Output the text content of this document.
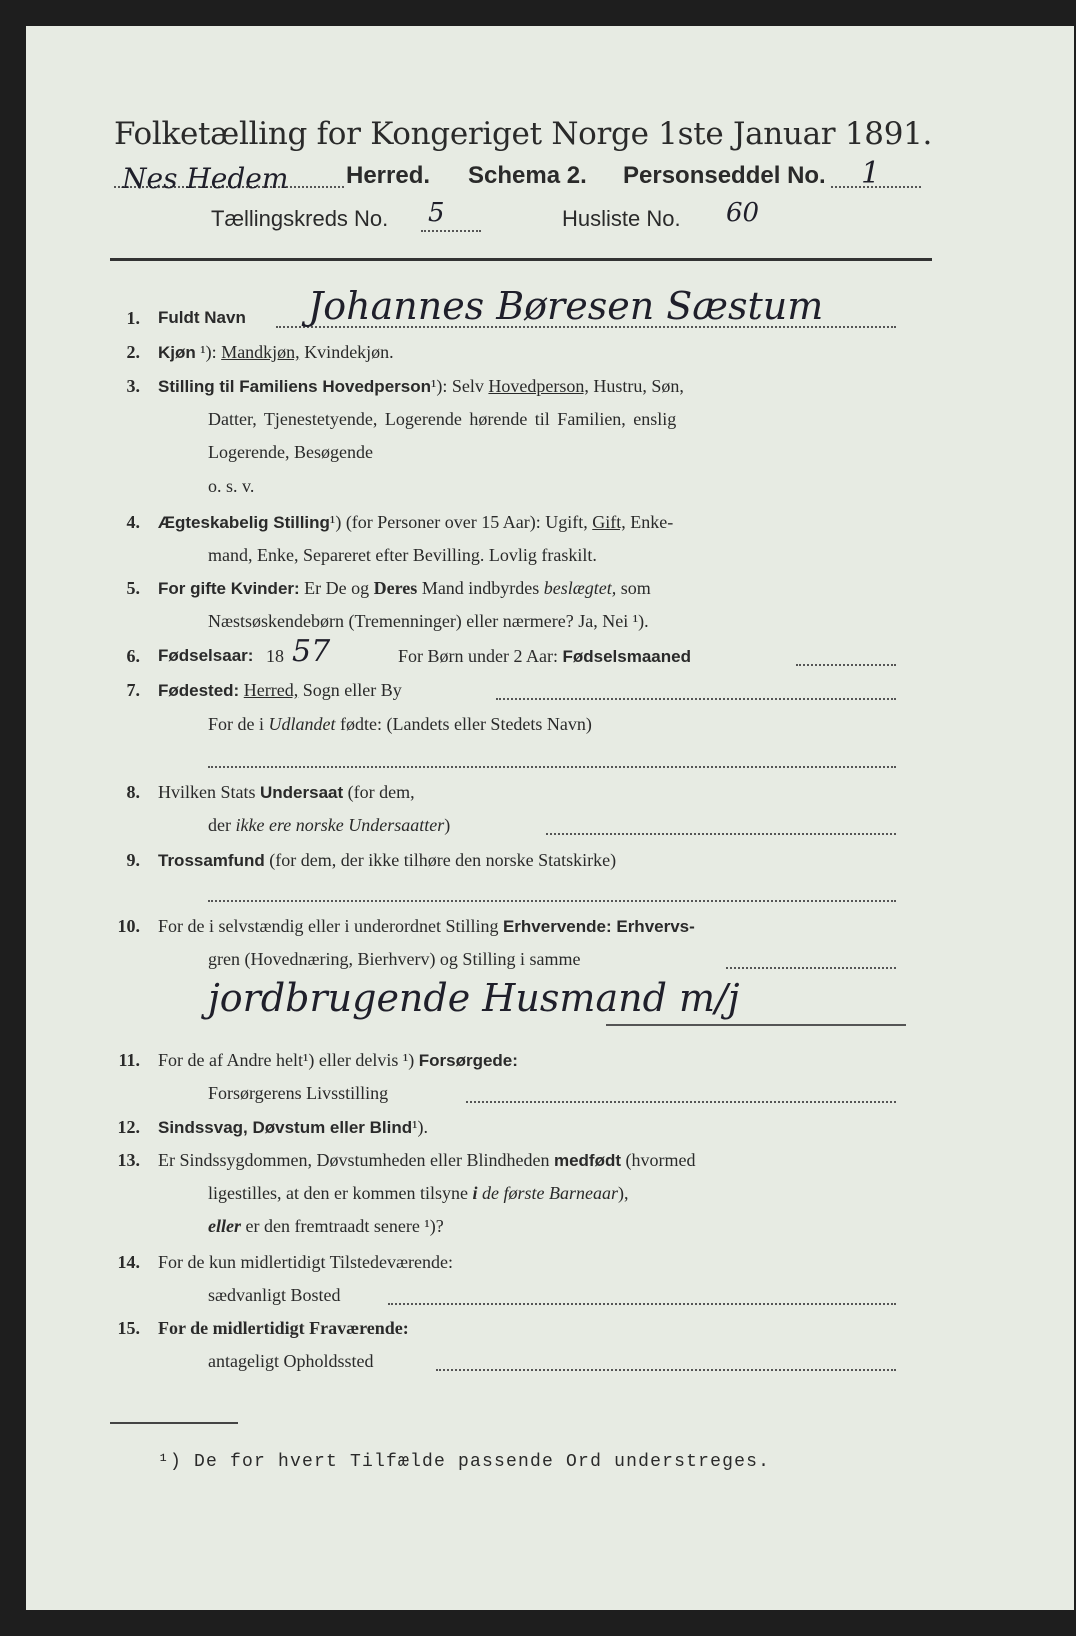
Folketælling for Kongeriget Norge 1ste Januar 1891.
Nes Hedem Herred. Schema 2. Personseddel No. 1
Tællingskreds No. 5	Husliste No. 60
1. Fuldt Navn Johannes Børesen Sæstum
2. Kjøn ¹): Mandkjøn, Kvindekjøn.
3. Stilling til Familiens Hovedperson¹): Selv Hovedperson, Hustru, Søn,
Datter, Tjenestetyende, Logerende hørende til Familien, enslig
Logerende, Besøgende
o. s. v.
4. Ægteskabelig Stilling¹) (for Personer over 15 Aar): Ugift, Gift, Enke-
mand, Enke, Separeret efter Bevilling. Lovlig fraskilt.
5. For gifte Kvinder: Er De og Deres Mand indbyrdes beslægtet, som
Næstsøskendebørn (Tremenninger) eller nærmere? Ja, Nei ¹).
6. Fødselsaar: 18 57	For Børn under 2 Aar: Fødselsmaaned
7. Fødested: Herred, Sogn eller By
For de i Udlandet fødte: (Landets eller Stedets Navn)
8. Hvilken Stats Undersaat (for dem,
der ikke ere norske Undersaatter)
9. Trossamfund (for dem, der ikke tilhøre den norske Statskirke)
10. For de i selvstændig eller i underordnet Stilling Erhvervende: Erhvervs-
gren (Hovednæring, Bierhverv) og Stilling i samme
jordbrugende Husmand m/j
11. For de af Andre helt¹) eller delvis ¹) Forsørgede:
Forsørgerens Livsstilling
12. Sindssvag, Døvstum eller Blind¹).
13. Er Sindssygdommen, Døvstumheden eller Blindheden medfødt (hvormed
ligestilles, at den er kommen tilsyne i de første Barneaar),
eller er den fremtraadt senere ¹)?
14. For de kun midlertidigt Tilstedeværende:
sædvanligt Bosted
15. For de midlertidigt Fraværende:
antageligt Opholdssted
¹) De for hvert Tilfælde passende Ord understreges.
